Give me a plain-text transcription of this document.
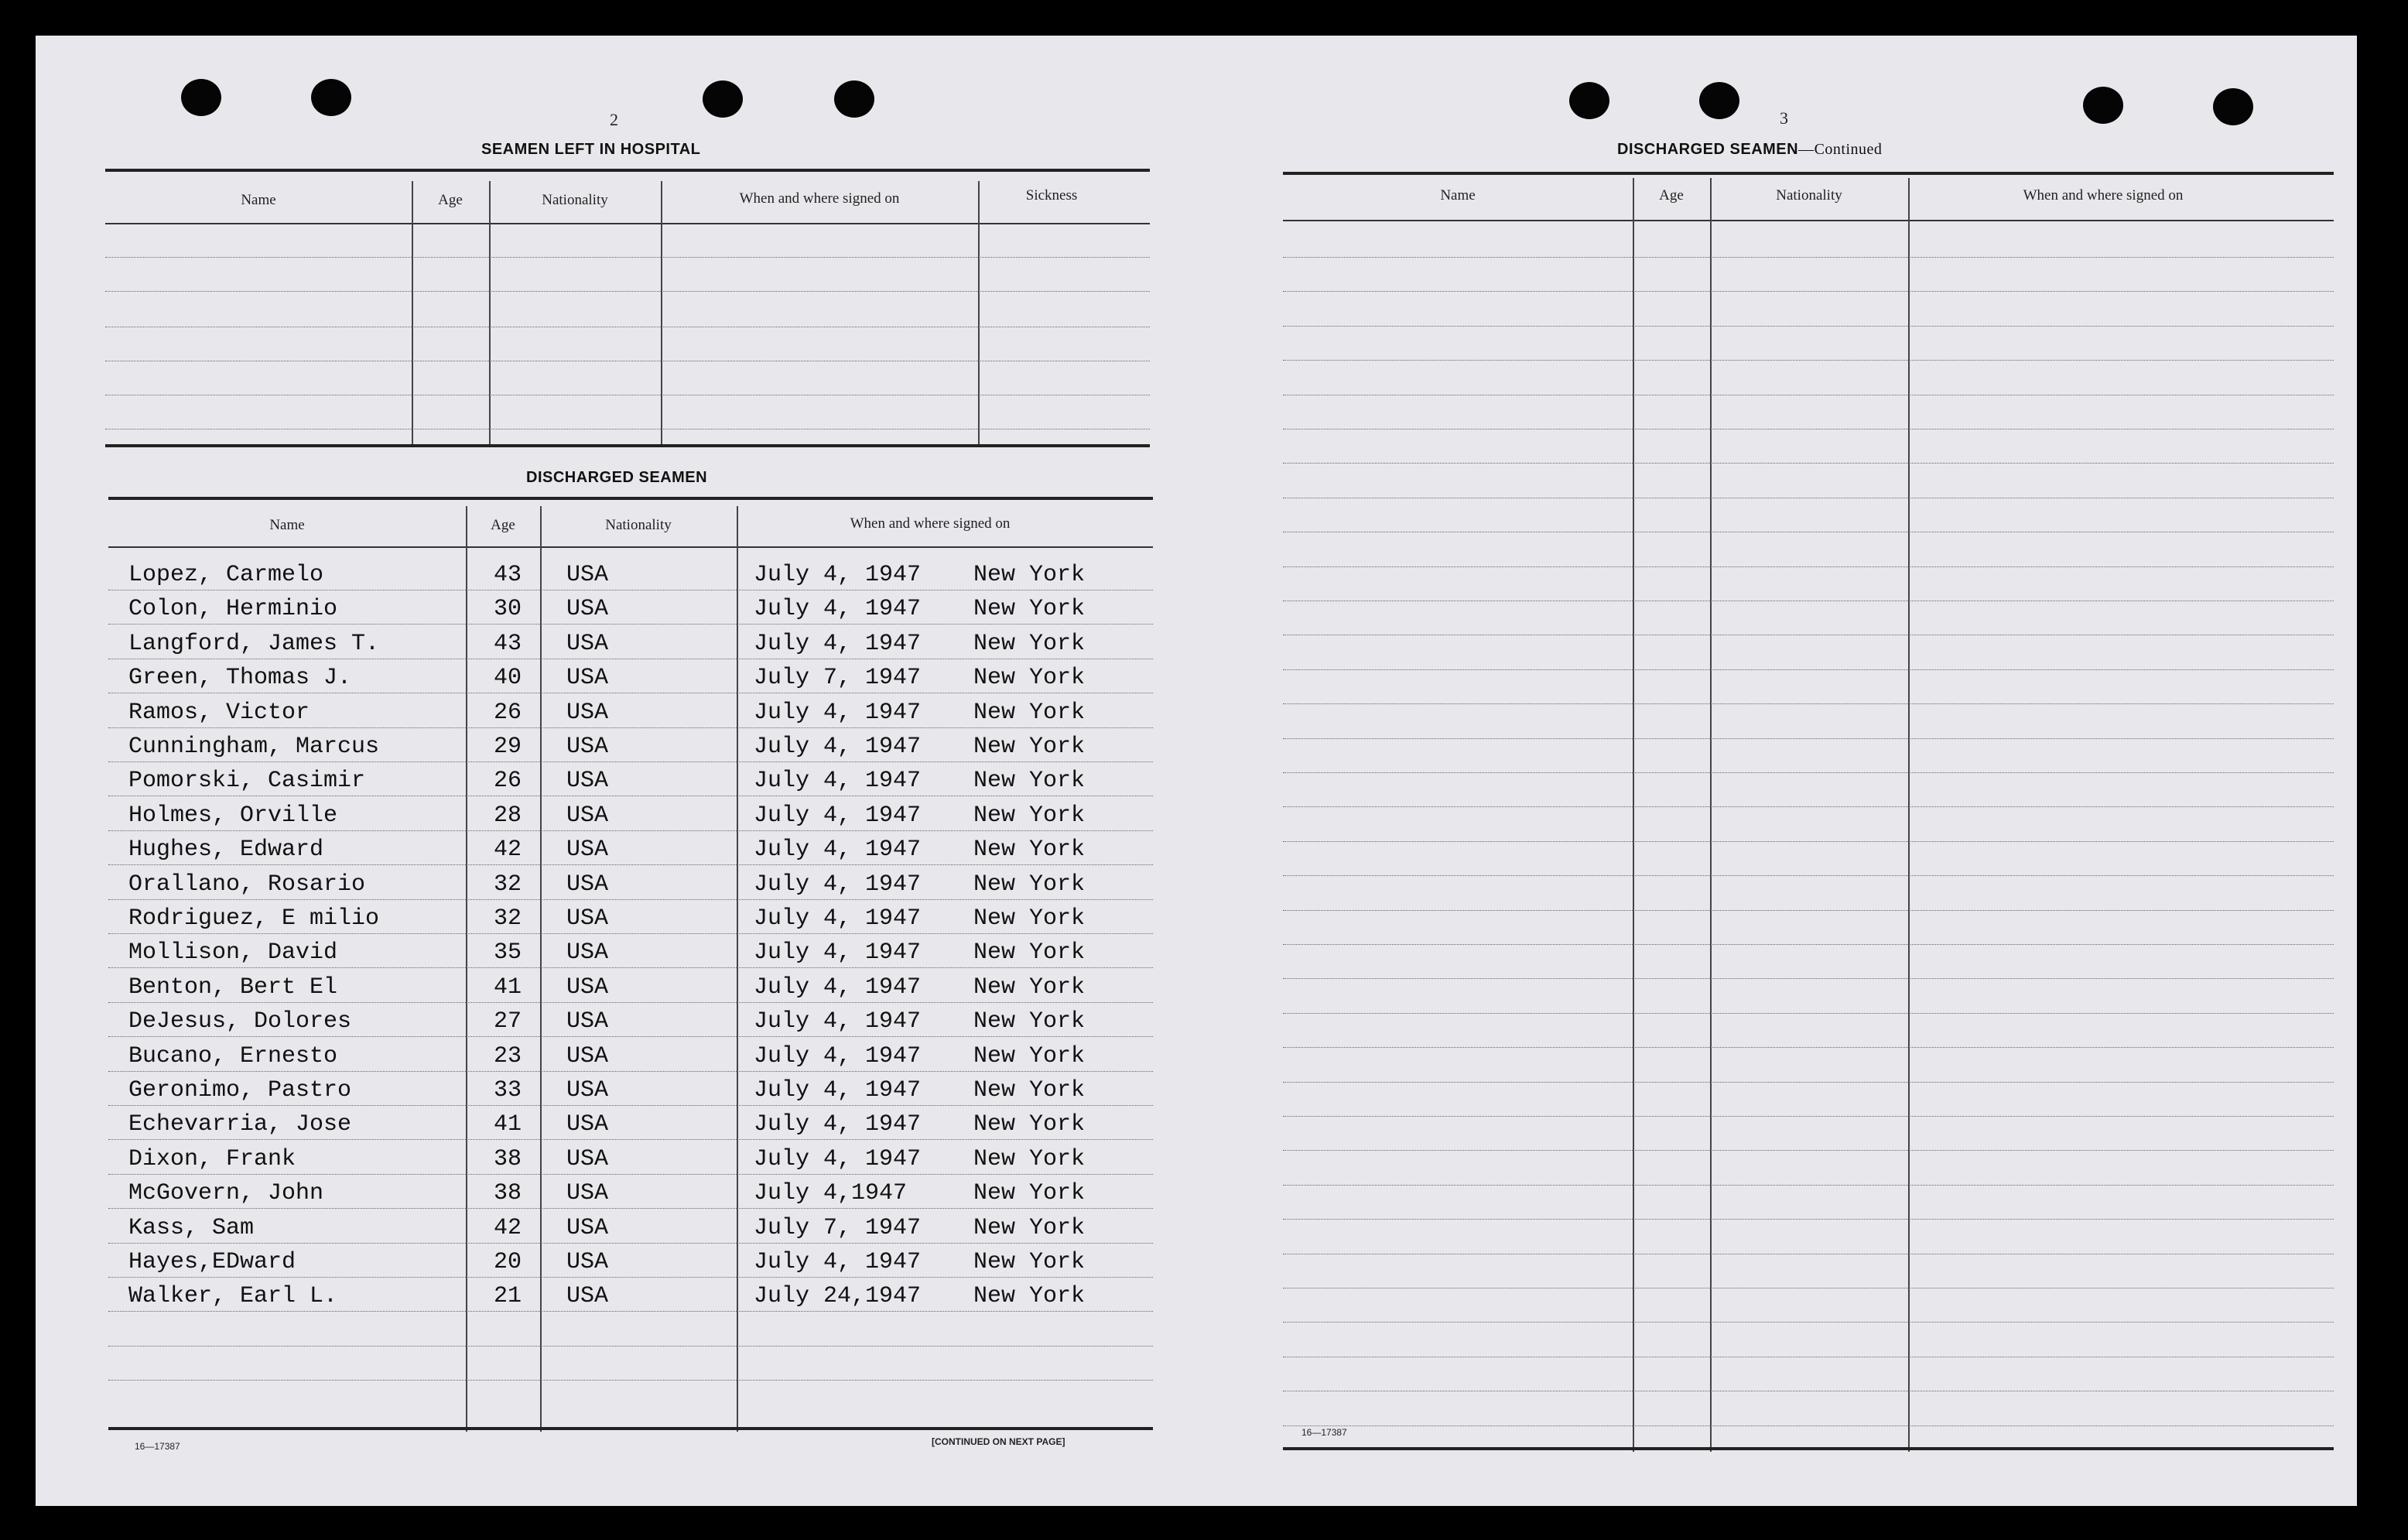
2
SEAMEN LEFT IN HOSPITAL
Name	Age	Nationality	When and where signed on	Sickness
DISCHARGED SEAMEN
Name	Age	Nationality	When and where signed on
Lopez, Carmelo	43 USA	July 4, 1947 New York
Colon, Herminio	30 USA	July 4, 1947 New York
Langford, James T.	43 USA	July 4, 1947 New York
Green, Thomas J.	40 USA	July 7, 1947 New York
Ramos, Victor	26 USA	July 4, 1947 New York
Cunningham, Marcus	29 USA	July 4, 1947 New York
Pomorski, Casimir	26 USA	July 4, 1947 New York
Holmes, Orville	28 USA	July 4, 1947 New York
Hughes, Edward	42 USA	July 4, 1947 New York
Orallano, Rosario	32 USA	July 4, 1947 New York
Rodriguez, E milio	32 USA	July 4, 1947 New York
Mollison, David	35 USA	July 4, 1947 New York
Benton, Bert El	41 USA	July 4, 1947 New York
DeJesus, Dolores	27 USA	July 4, 1947 New York
Bucano, Ernesto	23 USA	July 4, 1947 New York
Geronimo, Pastro	33 USA	July 4, 1947 New York
Echevarria, Jose	41 USA	July 4, 1947 New York
Dixon, Frank	38 USA	July 4, 1947 New York
McGovern, John	38 USA	July 4,1947	New York
Kass, Sam	42 USA	July 7, 1947 New York
Hayes,EDward	20 USA	July 4, 1947 New York
Walker, Earl L.	21 USA	July 24,1947 New York
16—17387	[CONTINUED ON NEXT PAGE]
3
DISCHARGED SEAMEN—Continued
Name	Age	Nationality	When and where signed on
16—17387
